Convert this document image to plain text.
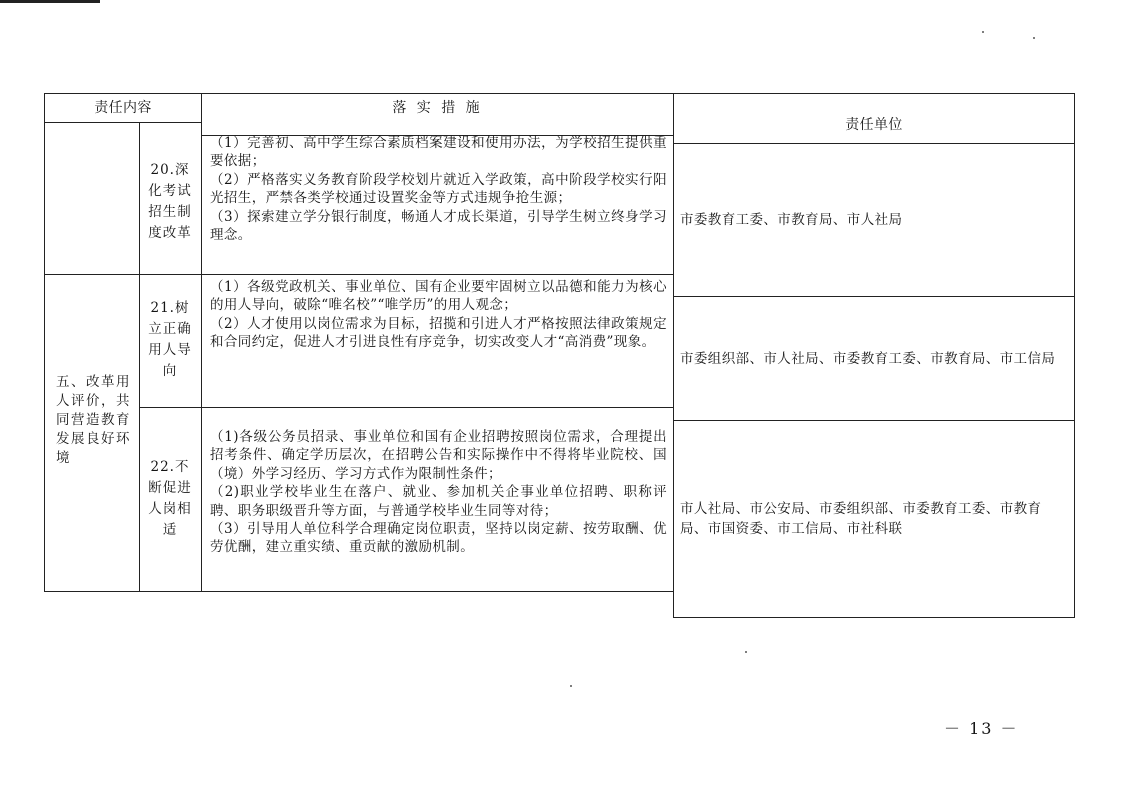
责任内容	落 实 措 施
责任单位
五、改革用人评价，共同营造教育发展良好环境
20.深化考试招生制度改革

（1）完善初、高中学生综合素质档案建设和使用办法，为学校招生提供重要依据；

（2）严格落实义务教育阶段学校划片就近入学政策，高中阶段学校实行阳光招生，严禁各类学校通过设置奖金等方式违规争抢生源；

（3）探索建立学分银行制度，畅通人才成长渠道，引导学生树立终身学习理念。

市委教育工委、市教育局、市人社局
21.树立正确用人导向

（1）各级党政机关、事业单位、国有企业要牢固树立以品德和能力为核心的用人导向，破除“唯名校”“唯学历”的用人观念；

（2）人才使用以岗位需求为目标，招揽和引进人才严格按照法律政策规定和合同约定，促进人才引进良性有序竞争，切实改变人才“高消费”现象。

市委组织部、市人社局、市委教育工委、市教育局、市工信局
22.不断促进人岗相适

（1)各级公务员招录、事业单位和国有企业招聘按照岗位需求，合理提出招考条件、确定学历层次，在招聘公告和实际操作中不得将毕业院校、国（境）外学习经历、学习方式作为限制性条件；

（2)职业学校毕业生在落户、就业、参加机关企事业单位招聘、职称评聘、职务职级晋升等方面，与普通学校毕业生同等对待；

（3）引导用人单位科学合理确定岗位职责，坚持以岗定薪、按劳取酬、优劳优酬，建立重实绩、重贡献的激励机制。

市人社局、市公安局、市委组织部、市委教育工委、市教育局、市国资委、市工信局、市社科联
－ 13 －
